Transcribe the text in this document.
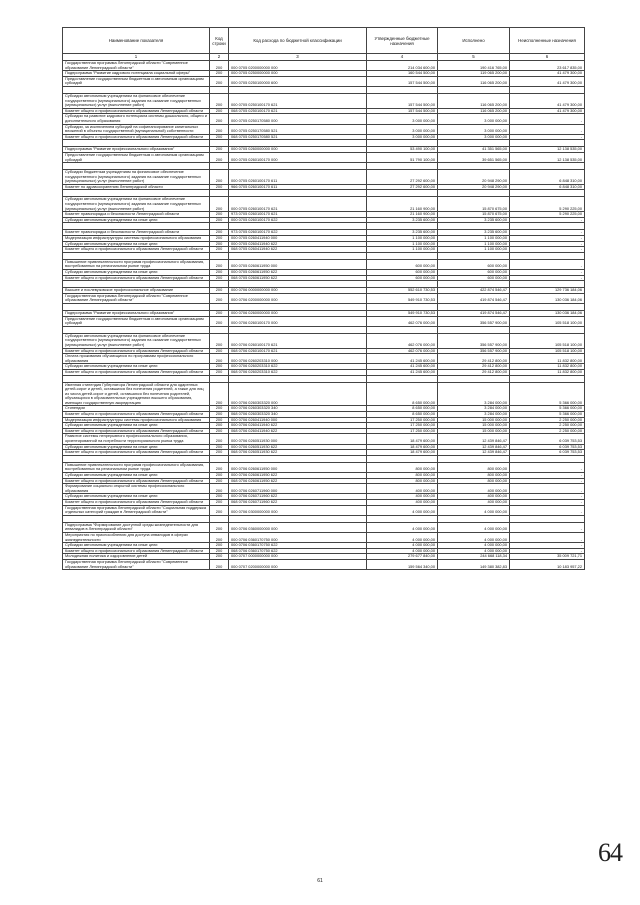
Наименование показателя	Код строки	Код расхода по бюджетной классификации	Утвержденные бюджетные назначения	Исполнено	Неисполненные назначения
1	2	3	4	5	6
Государственная программа Ленинградской области "Современное образование Ленинградской области"	200	000 0705 0200000000 000	214 034 600,00	190 416 765,00	23 617 835,00
Подпрограмма "Развитие кадрового потенциала социальной сферы"	200	000 0705 0250000000 000	160 544 500,00	119 065 200,00	41 479 300,00
Предоставление государственным бюджетным и автономным организациям субсидий	200	000 0705 0250100000 600	157 544 500,00	116 065 200,00	41 479 300,00

Субсидии автономным учреждениям на финансовое обеспечение государственного (муниципального) задания на оказание государственных (муниципальных) услуг (выполнение работ)	200	000 0705 0250100170 621	157 544 500,00	116 065 200,00	41 479 300,00
Комитет общего и профессионального образования Ленинградской области	200	068 0705 0250100170 621	157 544 500,00	116 065 200,00	41 479 300,00
Субсидии на развитие кадрового потенциала системы дошкольного, общего и дополнительного образования	200	000 0705 0250170580 000	3 000 000,00	3 000 000,00	-
Субсидии, за исключением субсидий на софинансирование капитальных вложений в объекты государственной (муниципальной) собственности	200	000 0705 0250170580 521	3 000 000,00	3 000 000,00	-
Комитет общего и профессионального образования Ленинградской области	200	068 0705 0250170580 521	3 000 000,00	3 000 000,00	-

Подпрограмма "Развитие профессионального образования"	200	000 0705 0260000000 000	53 490 100,00	41 351 565,00	12 138 535,00
Предоставление государственным бюджетным и автономным организациям субсидий	200	000 0705 0260100170 000	51 790 100,00	39 651 565,00	12 138 535,00

Субсидии бюджетным учреждениям на финансовое обеспечение государственного (муниципального) задания на оказание государственных (муниципальных) услуг (выполнение работ)	200	000 0705 0260100170 611	27 292 600,00	20 948 290,00	6 848 310,00
Комитет по здравоохранению Ленинградской области	200	966 0705 0260100170 611	27 292 600,00	20 948 290,00	6 848 310,00

Субсидии автономным учреждениям на финансовое обеспечение государственного (муниципального) задания на оказание государственных (муниципальных) услуг (выполнение работ)	200	000 0705 0260100170 621	21 160 900,00	15 870 675,00	5 290 225,00
Комитет правопорядка и безопасности Ленинградской области	200	973 0705 0260100170 621	21 160 900,00	15 870 675,00	5 290 225,00
Субсидии автономным учреждениям на иные цели	200	000 0705 0260100170 622	3 235 600,00	3 235 600,00	-

Комитет правопорядка и безопасности Ленинградской области	200	973 0705 0260100170 622	3 235 600,00	3 235 600,00	-
Модернизация инфраструктуры системы профессионального образования	200	000 0705 0260411940 000	1 100 000,00	1 100 000,00	-
Субсидии автономным учреждениям на иные цели	200	000 0705 0260411940 622	1 100 000,00	1 100 000,00	-
Комитет общего и профессионального образования Ленинградской области	200	068 0705 0260411940 622	1 100 000,00	1 100 000,00	-

Повышение привлекательности программ профессионального образования, востребованных на региональном рынке труда	200	000 0705 0260611950 000	600 000,00	600 000,00	-
Субсидии автономным учреждениям на иные цели	200	000 0705 0260611950 622	600 000,00	600 000,00	-
Комитет общего и профессионального образования Ленинградской области	200	068 0705 0260611950 622	600 000,00	600 000,00	-

Высшее и послевузовское профессиональное образование	200	000 0706 0000000000 000	552 610 730,53	422 874 546,47	129 736 184,06
Государственная программа Ленинградской области "Современное образование Ленинградской области"	200	000 0706 0200000000 000	549 910 730,53	419 874 546,47	130 036 184,06

Подпрограмма "Развитие профессионального образования"	200	000 0706 0260000000 000	549 910 730,53	419 874 546,47	130 036 184,06
Предоставление государственным бюджетным и автономным организациям субсидий	200	000 0706 0260100170 000	462 076 000,00	356 557 900,00	105 518 100,00

Субсидии автономным учреждениям на финансовое обеспечение государственного (муниципального) задания на оказание государственных (муниципальных) услуг (выполнение работ)	200	000 0706 0260100170 621	462 076 000,00	356 557 900,00	105 518 100,00
Комитет общего и профессионального образования Ленинградской области	200	068 0706 0260100170 621	462 076 000,00	356 557 900,00	105 518 100,00
Оплата проживания обучающихся по программам профессионального образования	200	000 0706 0260203310 000	41 245 600,00	29 412 800,00	11 832 800,00
Субсидии автономным учреждениям на иные цели	200	000 0706 0260203310 622	41 245 600,00	29 412 800,00	11 832 800,00
Комитет общего и профессионального образования Ленинградской области	200	068 0706 0260203310 622	41 245 600,00	29 412 800,00	11 832 800,00

Именная стипендия Губернатора Ленинградской области для одаренных детей-сирот и детей, оставшихся без попечения родителей, а также для лиц из числа детей-сирот и детей, оставшихся без попечения родителей, обучающихся в образовательных учреждениях высшего образования, имеющих государственную аккредитацию	200	000 0706 0260303320 000	8 650 000,00	3 284 000,00	5 366 000,00
Стипендии	200	000 0706 0260303320 340	8 650 000,00	3 284 000,00	5 366 000,00
Комитет общего и профессионального образования Ленинградской области	200	068 0706 0260303320 340	8 650 000,00	3 284 000,00	5 366 000,00
Модернизация инфраструктуры системы профессионального образования	200	000 0706 0260411940 000	17 250 000,00	15 000 000,00	2 250 000,00
Субсидии автономным учреждениям на иные цели	200	000 0706 0260411940 622	17 250 000,00	15 000 000,00	2 250 000,00
Комитет общего и профессионального образования Ленинградской области	200	068 0706 0260411940 622	17 250 000,00	15 000 000,00	2 250 000,00
Развитие системы непрерывного профессионального образования, ориентированной на потребности территориального рынка труда	200	000 0706 0260511930 000	18 479 600,00	12 439 846,47	6 039 753,53
Субсидии автономным учреждениям на иные цели	200	000 0706 0260511930 622	18 479 600,00	12 439 846,47	6 039 753,53
Комитет общего и профессионального образования Ленинградской области	200	068 0706 0260511930 622	18 479 600,00	12 439 846,47	6 039 753,53

Повышение привлекательности программ профессионального образования, востребованных на региональном рынке труда	200	000 0706 0260611950 000	800 000,00	800 000,00	-
Субсидии автономным учреждениям на иные цели	200	000 0706 0260611950 622	800 000,00	800 000,00	-
Комитет общего и профессионального образования Ленинградской области	200	068 0706 0260611950 622	800 000,00	800 000,00	-
Формирование социально открытой системы профессионального образования	200	000 0706 0260711960 000	400 000,00	400 000,00	-
Субсидии автономным учреждениям на иные цели	200	000 0706 0260711960 622	400 000,00	400 000,00	-
Комитет общего и профессионального образования Ленинградской области	200	068 0706 0260711960 622	400 000,00	400 000,00	-
Государственная программа Ленинградской области "Социальная поддержка отдельных категорий граждан в Ленинградской области"	200	000 0706 0300000000 000	4 000 000,00	4 000 000,00	-

Подпрограмма "Формирование доступной среды жизнедеятельности для инвалидов в Ленинградской области"	200	000 0706 0360000000 000	4 000 000,00	4 000 000,00	-
Мероприятия по приспособлению для доступа инвалидов в сферах жизнедеятельности	200	000 0706 0360170750 000	4 000 000,00	4 000 000,00	-
Субсидии автономным учреждениям на иные цели	200	000 0706 0360170750 622	4 000 000,00	4 000 000,00	-
Комитет общего и профессионального образования Ленинградской области	200	068 0706 0360170750 622	4 000 000,00	4 000 000,00	-
Молодежная политика и оздоровление детей	200	000 0707 0000000000 000	279 677 840,00	244 668 118,34	35 009 721,71
Государственная программа Ленинградской области "Современное образование Ленинградской области"	200	000 0707 0200000000 000	159 564 340,00	149 380 382,83	10 183 957,22
64
61
